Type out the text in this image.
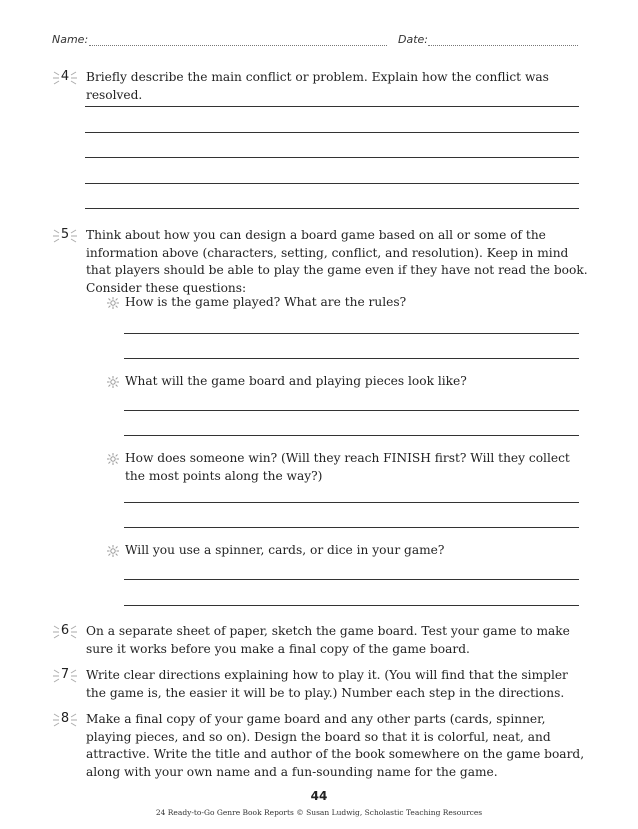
Name:	Date:
4	Briefly describe the main conflict or problem. Explain how the conflict was resolved.
5	Think about how you can design a board game based on all or some of the information above (characters, setting, conflict, and resolution). Keep in mind that players should be able to play the game even if they have not read the book. Consider these questions:
How is the game played? What are the rules?
What will the game board and playing pieces look like?
How does someone win? (Will they reach FINISH first? Will they collect the most points along the way?)
Will you use a spinner, cards, or dice in your game?
6	On a separate sheet of paper, sketch the game board. Test your game to make sure it works before you make a final copy of the game board.
7	Write clear directions explaining how to play it. (You will find that the simpler the game is, the easier it will be to play.) Number each step in the directions.
8	Make a final copy of your game board and any other parts (cards, spinner, playing pieces, and so on). Design the board so that it is colorful, neat, and attractive. Write the title and author of the book somewhere on the game board, along with your own name and a fun-sounding name for the game.
44
24 Ready-to-Go Genre Book Reports © Susan Ludwig, Scholastic Teaching Resources
